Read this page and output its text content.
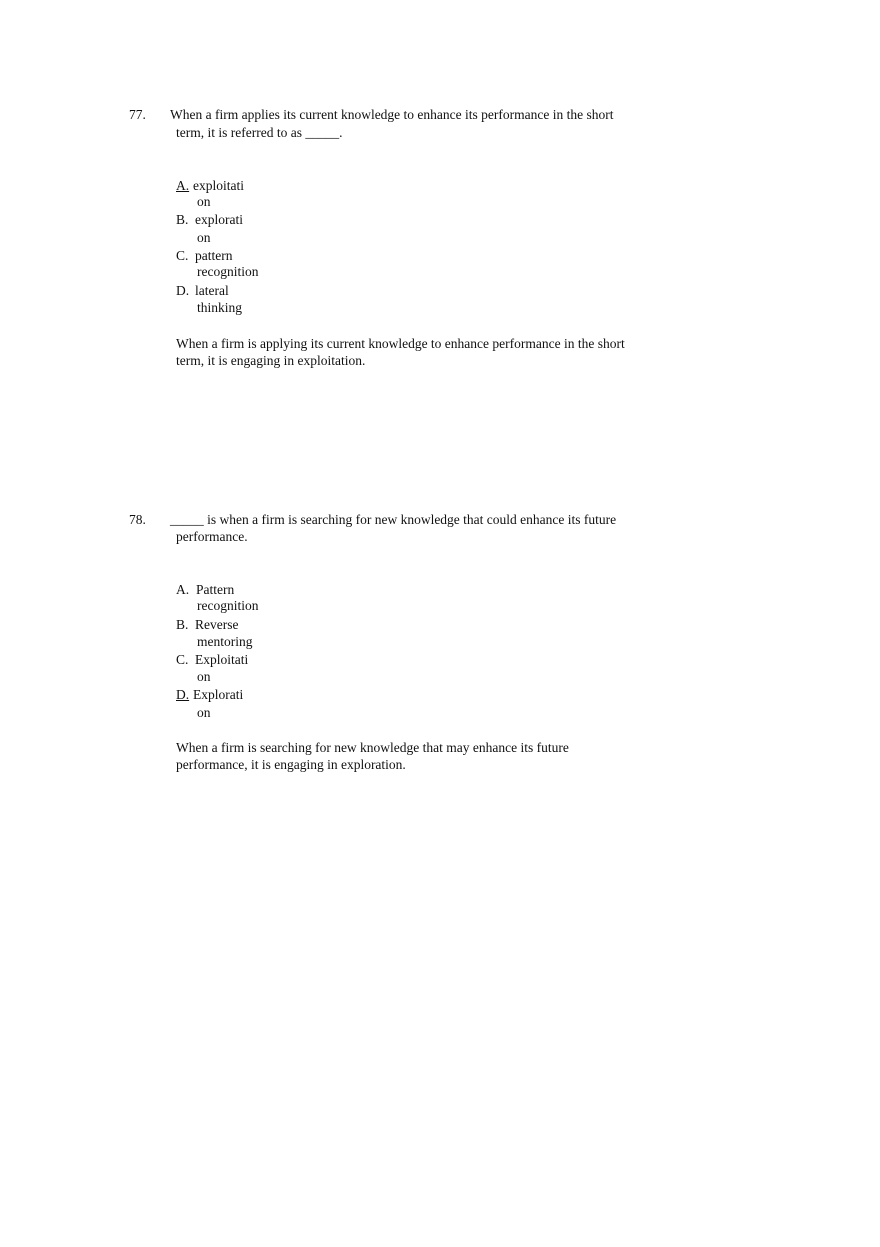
77. When a firm applies its current knowledge to enhance its performance in the short
term, it is referred to as _____.
A. exploitati
on
B. explorati
on
C. pattern
recognition
D. lateral
thinking
When a firm is applying its current knowledge to enhance performance in the short
term, it is engaging in exploitation.
78. _____ is when a firm is searching for new knowledge that could enhance its future
performance.
A. Pattern
recognition
B. Reverse
mentoring
C. Exploitati
on
D. Explorati
on
When a firm is searching for new knowledge that may enhance its future
performance, it is engaging in exploration.
